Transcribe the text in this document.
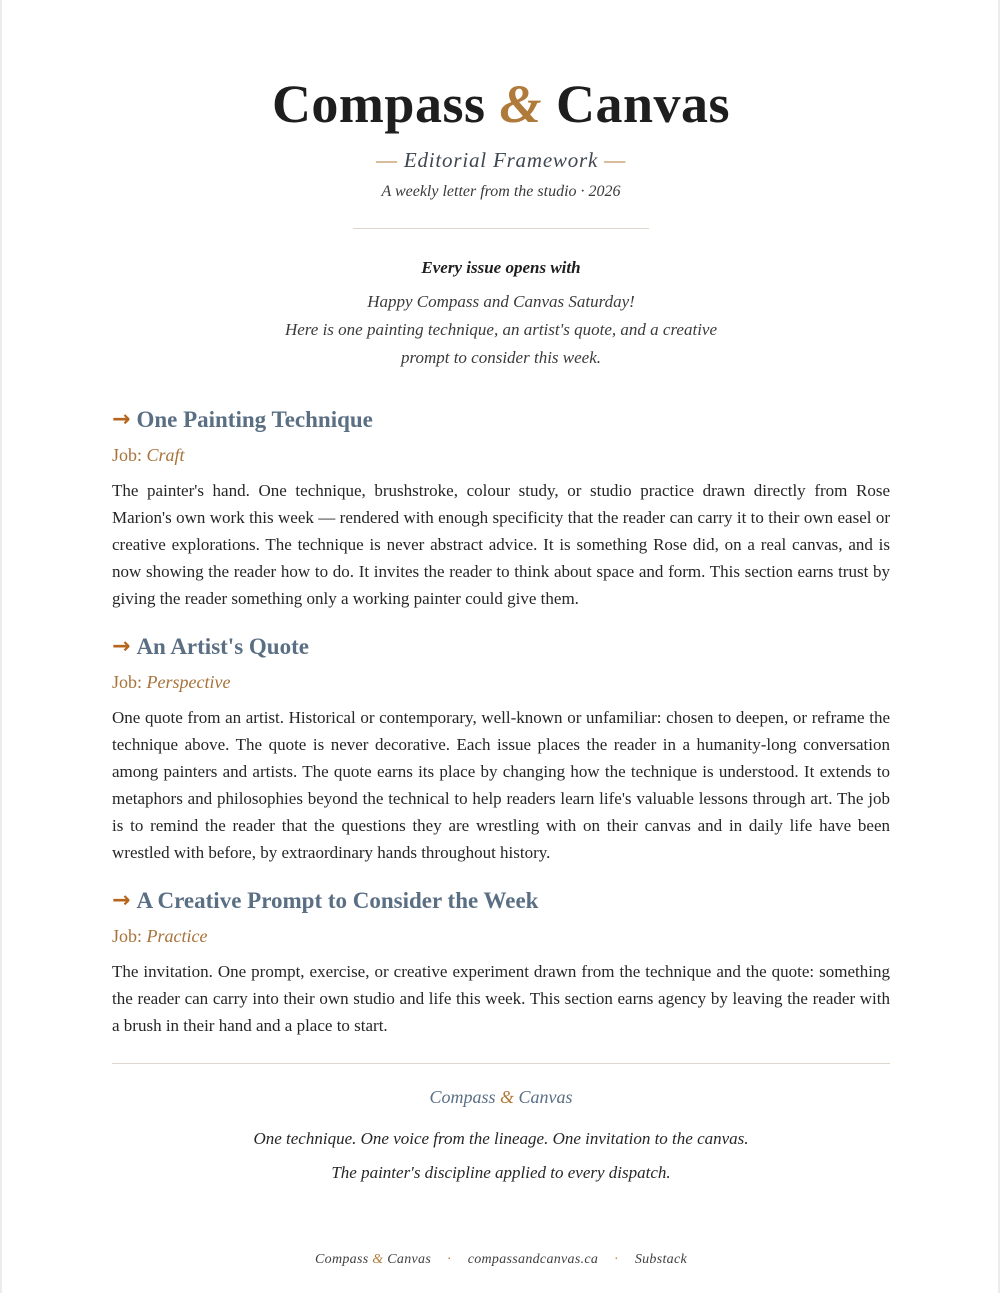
Compass & Canvas
— Editorial Framework —
A weekly letter from the studio · 2026
Every issue opens with
Happy Compass and Canvas Saturday!
Here is one painting technique, an artist's quote, and a creative prompt to consider this week.
→ One Painting Technique
Job: Craft

The painter's hand. One technique, brushstroke, colour study, or studio practice drawn directly from Rose Marion's own work this week — rendered with enough specificity that the reader can carry it to their own easel or creative explorations. The technique is never abstract advice. It is something Rose did, on a real canvas, and is now showing the reader how to do. It invites the reader to think about space and form. This section earns trust by giving the reader something only a working painter could give them.

→ An Artist's Quote
Job: Perspective

One quote from an artist. Historical or contemporary, well-known or unfamiliar: chosen to deepen, or reframe the technique above. The quote is never decorative. Each issue places the reader in a humanity-long conversation among painters and artists. The quote earns its place by changing how the technique is understood. It extends to metaphors and philosophies beyond the technical to help readers learn life's valuable lessons through art. The job is to remind the reader that the questions they are wrestling with on their canvas and in daily life have been wrestled with before, by extraordinary hands throughout history.

→ A Creative Prompt to Consider the Week
Job: Practice

The invitation. One prompt, exercise, or creative experiment drawn from the technique and the quote: something the reader can carry into their own studio and life this week. This section earns agency by leaving the reader with a brush in their hand and a place to start.

Compass & Canvas
One technique. One voice from the lineage. One invitation to the canvas.
The painter's discipline applied to every dispatch.
Compass & Canvas · compassandcanvas.ca · Substack
